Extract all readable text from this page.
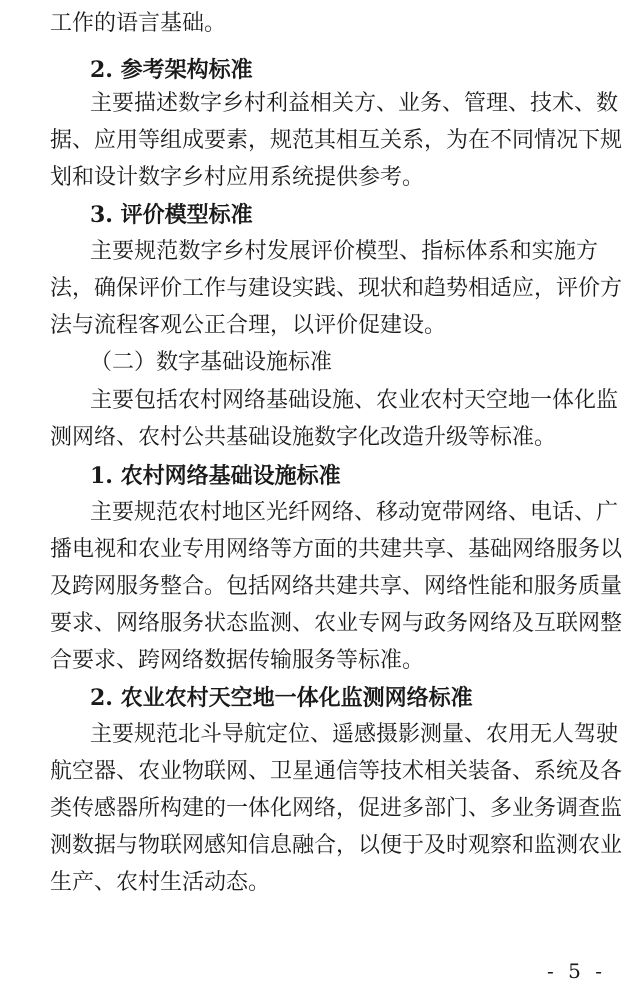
工作的语言基础。
2. 参考架构标准
主要描述数字乡村利益相关方、业务、管理、技术、数
据、应用等组成要素，规范其相互关系，为在不同情况下规
划和设计数字乡村应用系统提供参考。
3. 评价模型标准
主要规范数字乡村发展评价模型、指标体系和实施方
法，确保评价工作与建设实践、现状和趋势相适应，评价方
法与流程客观公正合理，以评价促建设。
（二）数字基础设施标准
主要包括农村网络基础设施、农业农村天空地一体化监
测网络、农村公共基础设施数字化改造升级等标准。
1. 农村网络基础设施标准
主要规范农村地区光纤网络、移动宽带网络、电话、广
播电视和农业专用网络等方面的共建共享、基础网络服务以
及跨网服务整合。包括网络共建共享、网络性能和服务质量
要求、网络服务状态监测、农业专网与政务网络及互联网整
合要求、跨网络数据传输服务等标准。
2. 农业农村天空地一体化监测网络标准
主要规范北斗导航定位、遥感摄影测量、农用无人驾驶
航空器、农业物联网、卫星通信等技术相关装备、系统及各
类传感器所构建的一体化网络，促进多部门、多业务调查监
测数据与物联网感知信息融合，以便于及时观察和监测农业
生产、农村生活动态。
- 5 -
